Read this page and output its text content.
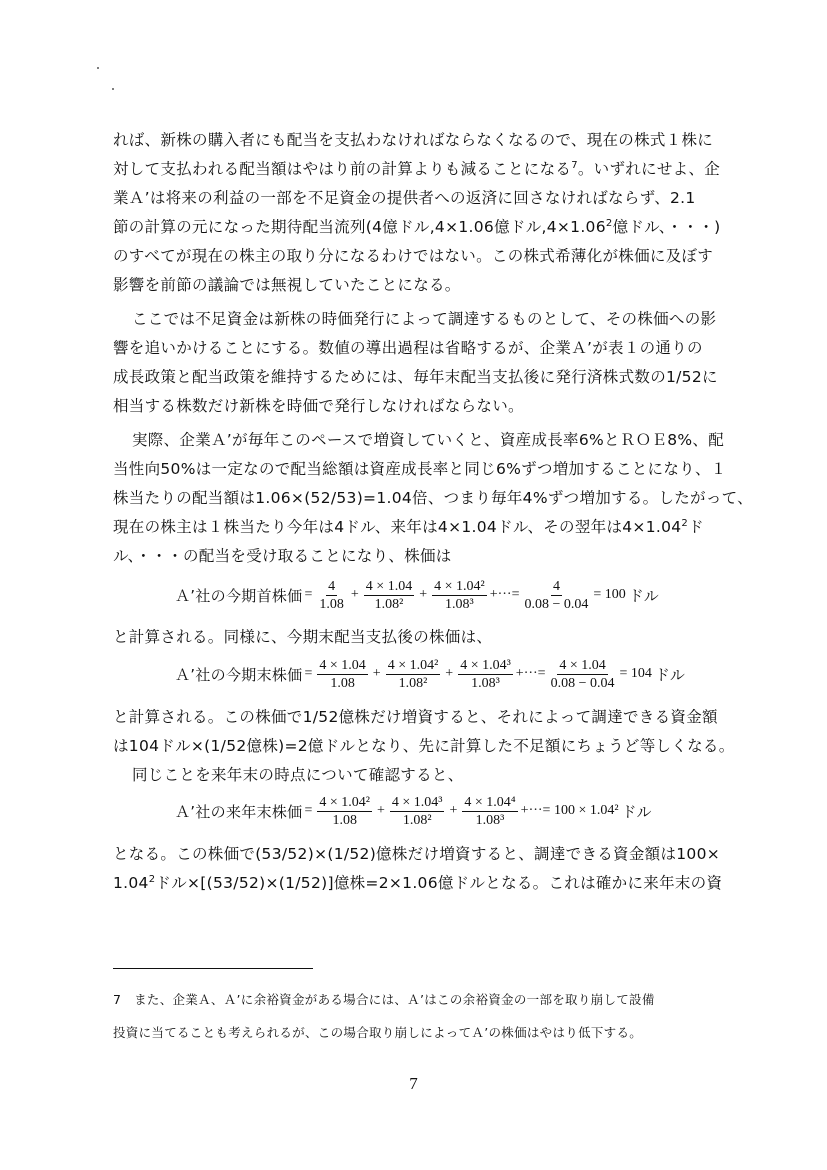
れば、新株の購入者にも配当を支払わなければならなくなるので、現在の株式１株に
対して支払われる配当額はやはり前の計算よりも減ることになる$^7$。いずれにせよ、企
業Ａ’は将来の利益の一部を不足資金の提供者への返済に回さなければならず、2.1
節の計算の元になった期待配当流列(4億ドル,4×1.06億ドル$,4\times 1.06^2$億ドル、・・・)
のすべてが現在の株主の取り分になるわけではない。この株式希薄化が株価に及ぼす
影響を前節の議論では無視していたことになる。
ここでは不足資金は新株の時価発行によって調達するものとして、その株価への影
響を追いかけることにする。数値の導出過程は省略するが、企業Ａ’が表１の通りの
成長政策と配当政策を維持するためには、毎年末配当支払後に発行済株式数の1/52に
相当する株数だけ新株を時価で発行しなければならない。
実際、企業Ａ’が毎年このペースで増資していくと、資産成長率6%とＲＯＥ8%、配
当性向50%は一定なので配当総額は資産成長率と同じ6%ずつ増加することになり、１
株当たりの配当額は1.06×(52/53)=1.04倍、つまり毎年4%ずつ増加する。したがって、
現在の株主は１株当たり今年は4ドル、来年は4×1.04ドル、その翌年は$4\times 1.04^2$ド
ル、・・・の配当を受け取ることになり、株価は
Ａ’社の今期首株価 = $\frac{4}{1.08} + \frac{4 \times 1.04}{\text{1.08²}} + \frac{\text{4 × 1.04²}}{\text{1.08³}}$ +···= $\frac{4}{0.08 - 0.04} = 100$ ドル
と計算される。同様に、今期末配当支払後の株価は、
Ａ’社の今期末株価 = $\frac{4 \times 1.04}{1.08} + \frac{\text{4 × 1.04²}}{\text{1.08²}} + \frac{\text{4 × 1.04³}}{\text{1.08³}}$ +···= $\frac{4 \times 1.04}{0.08 - 0.04} = 104$ ドル
と計算される。この株価で1/52億株だけ増資すると、それによって調達できる資金額
は104ドル×(1/52億株)=2億ドルとなり、先に計算した不足額にちょうど等しくなる。
同じことを来年末の時点について確認すると、
Ａ’社の来年末株価 = $\frac{\text{4 × 1.04²}}{1.08} + \frac{\text{4 × 1.04³}}{\text{1.08²}} + \frac{\text{4 × 1.04⁴}}{\text{1.08³}}$ +···= 100 × 1.04² ドル
となる。この株価で(53/52)×(1/52)億株だけ増資すると、調達できる資金額は100×
$1.04^2$ドル×[(53/52)×(1/52)]億株=2×1.06億ドルとなる。これは確かに来年末の資
7 また、企業Ａ、Ａ’に余裕資金がある場合には、Ａ’はこの余裕資金の一部を取り崩して設備
投資に当てることも考えられるが、この場合取り崩しによってＡ’の株価はやはり低下する。
7
